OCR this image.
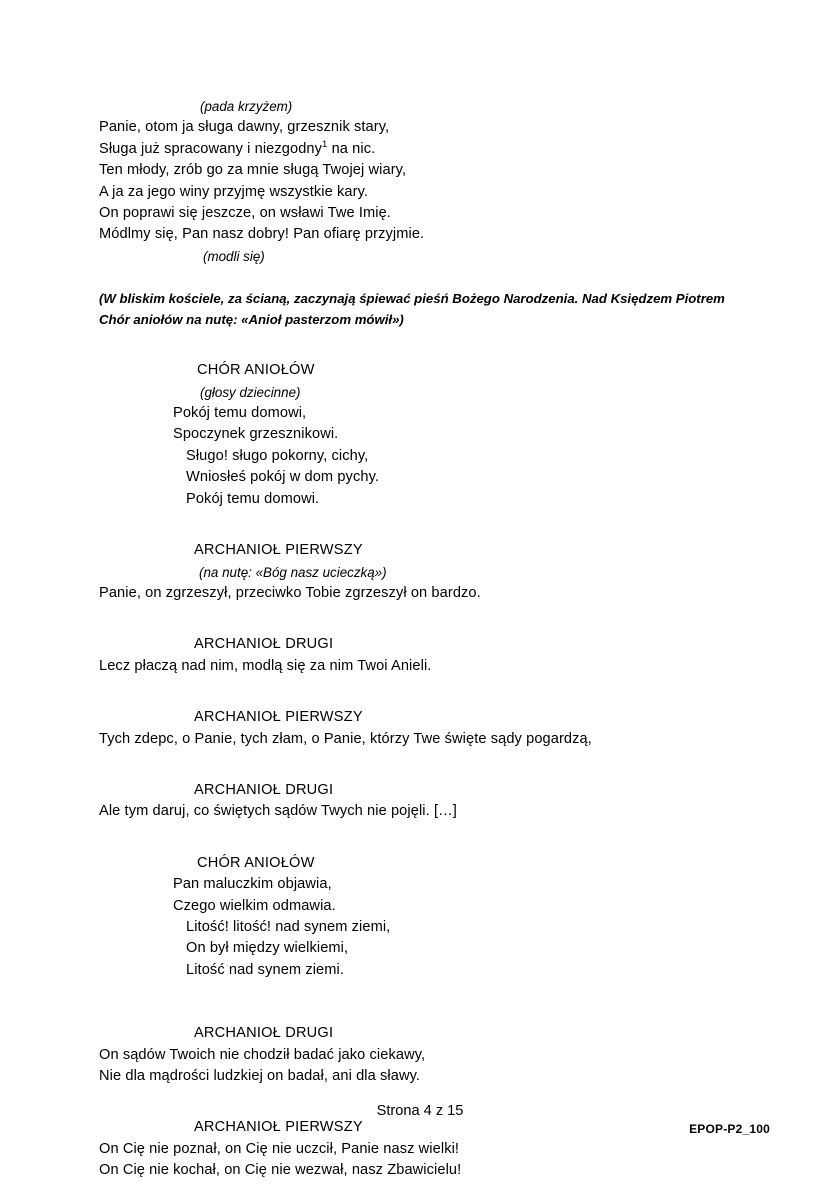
(pada krzyżem)
Panie, otom ja sługa dawny, grzesznik stary,
Sługa już spracowany i niezgodny$^1$ na nic.
Ten młody, zrób go za mnie sługą Twojej wiary,
A ja za jego winy przyjmę wszystkie kary.
On poprawi się jeszcze, on wsławi Twe Imię.
Módlmy się, Pan nasz dobry! Pan ofiarę przyjmie.
(modli się)
(W bliskim kościele, za ścianą, zaczynają śpiewać pieśń Bożego Narodzenia. Nad Księdzem Piotrem Chór aniołów na nutę: «Anioł pasterzom mówił»)
CHÓR ANIOŁÓW
(głosy dziecinne)
Pokój temu domowi,
Spoczynek grzesznikowi.
Sługo! sługo pokorny, cichy,
Wniosłeś pokój w dom pychy.
Pokój temu domowi.
ARCHANIOŁ PIERWSZY
(na nutę: «Bóg nasz ucieczką»)
Panie, on zgrzeszył, przeciwko Tobie zgrzeszył on bardzo.
ARCHANIOŁ DRUGI
Lecz płaczą nad nim, modlą się za nim Twoi Anieli.
ARCHANIOŁ PIERWSZY
Tych zdepc, o Panie, tych złam, o Panie, którzy Twe święte sądy pogardzą,
ARCHANIOŁ DRUGI
Ale tym daruj, co świętych sądów Twych nie pojęli. […]
CHÓR ANIOŁÓW
Pan maluczkim objawia,
Czego wielkim odmawia.
Litość! litość! nad synem ziemi,
On był między wielkiemi,
Litość nad synem ziemi.
ARCHANIOŁ DRUGI
On sądów Twoich nie chodził badać jako ciekawy,
Nie dla mądrości ludzkiej on badał, ani dla sławy.
ARCHANIOŁ PIERWSZY
On Cię nie poznał, on Cię nie uczcił, Panie nasz wielki!
On Cię nie kochał, on Cię nie wezwał, nasz Zbawicielu!
Strona 4 z 15
EPOP-P2_100
